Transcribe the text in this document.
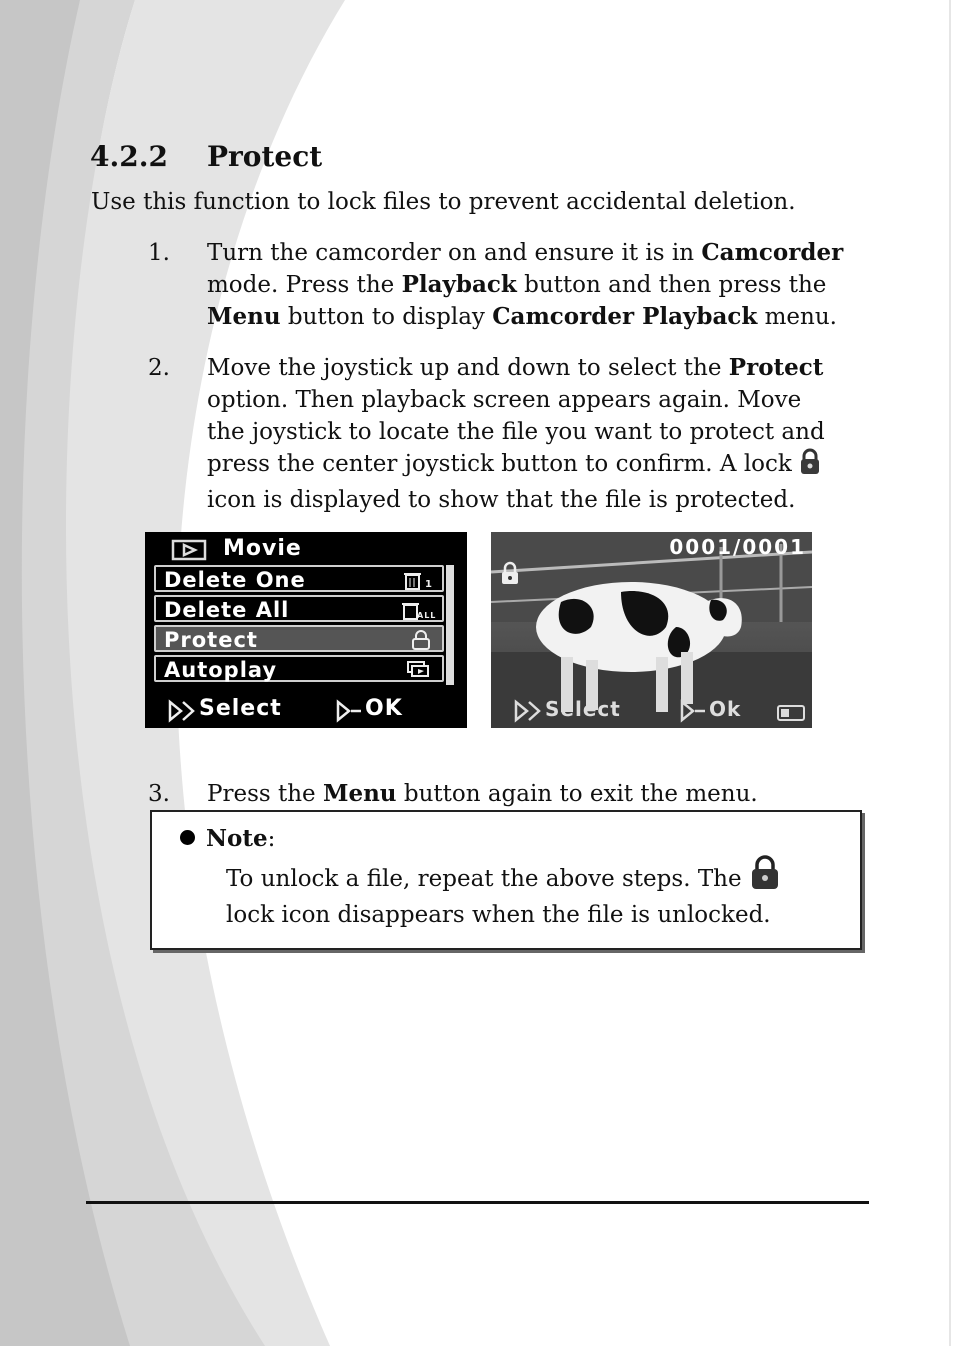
4.2.2 Protect
Use this function to lock files to prevent accidental deletion.
1. Turn the camcorder on and ensure it is in Camcorder mode. Press the Playback button and then press the Menu button to display Camcorder Playback menu.
2. Move the joystick up and down to select the Protect option. Then playback screen appears again. Move the joystick to locate the file you want to protect and press the center joystick button to confirm. A lock  icon is displayed to show that the file is protected.
Movie
Delete One	1
Delete All	ALL
Protect
Autoplay
Select	OK
0001/0001
Select	Ok
3. Press the Menu button again to exit the menu.
Note:
To unlock a file, repeat the above steps. The  lock icon disappears when the file is unlocked.
